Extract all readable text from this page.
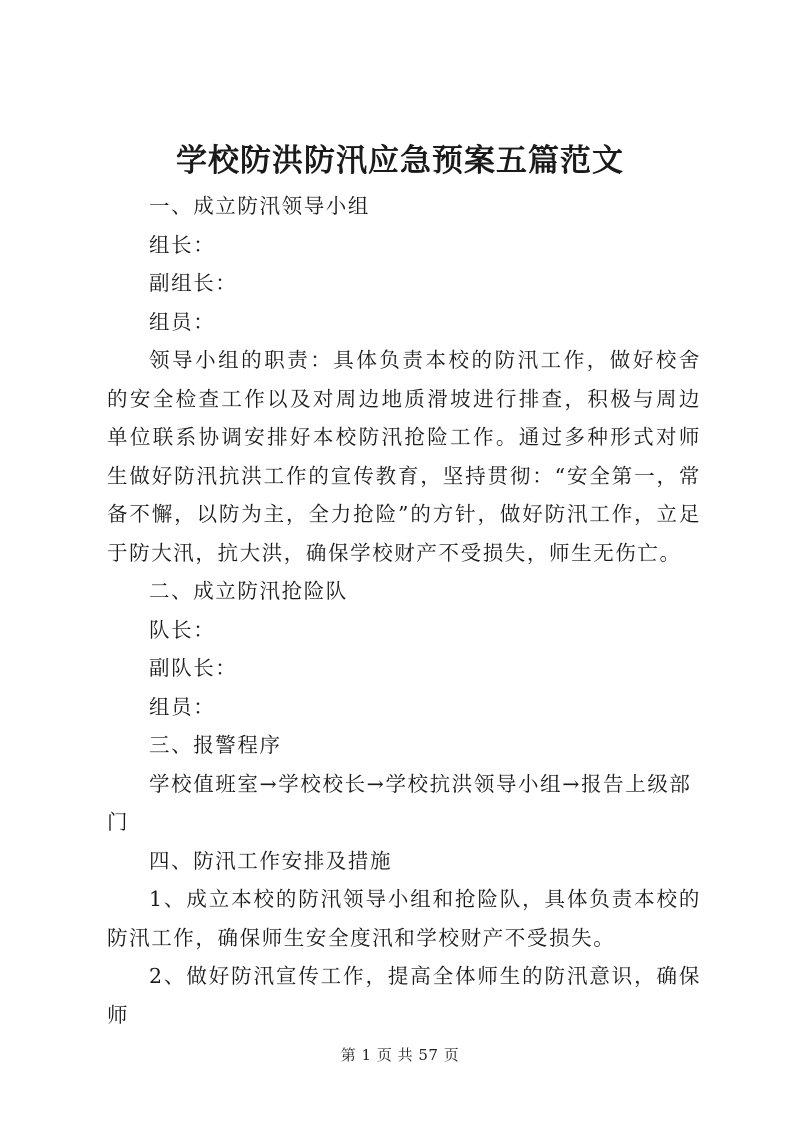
学校防洪防汛应急预案五篇范文

一、成立防汛领导小组

组长：

副组长：

组员：

领导小组的职责：具体负责本校的防汛工作，做好校舍的安全检查工作以及对周边地质滑坡进行排查，积极与周边单位联系协调安排好本校防汛抢险工作。通过多种形式对师生做好防汛抗洪工作的宣传教育，坚持贯彻：“安全第一，常备不懈，以防为主，全力抢险”的方针，做好防汛工作，立足于防大汛，抗大洪，确保学校财产不受损失，师生无伤亡。

二、成立防汛抢险队

队长：

副队长：

组员：

三、报警程序

学校值班室→学校校长→学校抗洪领导小组→报告上级部门

四、防汛工作安排及措施

1、成立本校的防汛领导小组和抢险队，具体负责本校的防汛工作，确保师生安全度汛和学校财产不受损失。

2、做好防汛宣传工作，提高全体师生的防汛意识，确保师

第 1 页 共 57 页
